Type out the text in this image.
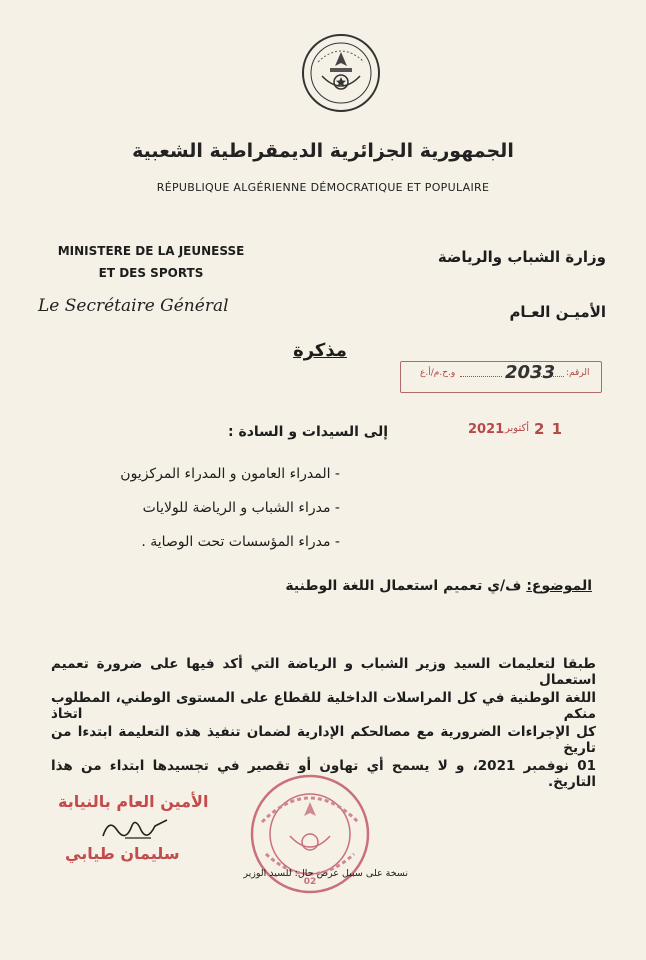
الجمهورية الجزائرية الديمقراطية الشعبية
RÉPUBLIQUE ALGÉRIENNE DÉMOCRATIQUE ET POPULAIRE
MINISTERE DE LA JEUNESSE
ET DES SPORTS
Le Secrétaire Général
وزارة الشباب والرياضة
الأميـن العـام
مذكرة
الرقم:
2033
و.ح.م/أ.ع
2 1
أكتوبر
2021
إلى السيدات و السادة :
- المدراء العامون و المدراء المركزيون
- مدراء الشباب و الرياضة للولايات
- مدراء المؤسسات تحت الوصاية .
الموضوع: ف/ي تعميم استعمال اللغة الوطنية
طبقا لتعليمات السيد وزير الشباب و الرياضة التي أكد فيها على ضرورة تعميم استعمال
اللغة الوطنية في كل المراسلات الداخلية للقطاع على المستوى الوطني، المطلوب منكم اتخاذ
كل الإجراءات الضرورية مع مصالحكم الإدارية لضمان تنفيذ هذه التعليمة ابتدءا من تاريخ
01 نوفمبر 2021، و لا يسمح أي تهاون أو تقصير في تجسيدها ابتداء من هذا التاريخ.
الأمين العام بالنيابة
سليمان طيابي
02
نسخة على سبيل عرض حال: للسيد الوزير
